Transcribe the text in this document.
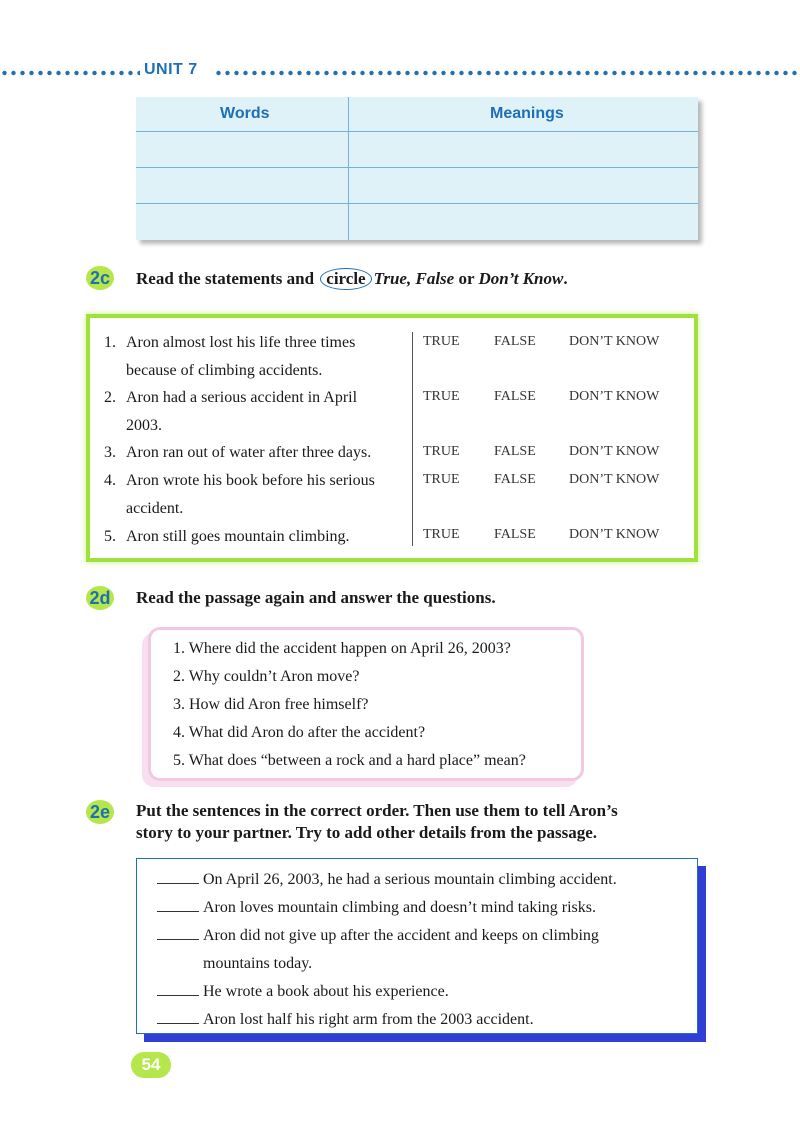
UNIT 7
Words	Meanings
2c Read the statements and circle True, False or Don’t Know.
1. Aron almost lost his life three times
because of climbing accidents.
TRUE FALSE DON’T KNOW
2. Aron had a serious accident in April
2003.
TRUE FALSE DON’T KNOW
3. Aron ran out of water after three days.	TRUE FALSE DON’T KNOW
4. Aron wrote his book before his serious
accident.
TRUE FALSE DON’T KNOW
5. Aron still goes mountain climbing.	TRUE FALSE DON’T KNOW
2d Read the passage again and answer the questions.
1. Where did the accident happen on April 26, 2003?
2. Why couldn’t Aron move?
3. How did Aron free himself?
4. What did Aron do after the accident?
5. What does “between a rock and a hard place” mean?
2e Put the sentences in the correct order. Then use them to tell Aron’s
story to your partner. Try to add other details from the passage.
On April 26, 2003, he had a serious mountain climbing accident.
Aron loves mountain climbing and doesn’t mind taking risks.
Aron did not give up after the accident and keeps on climbing
mountains today.
He wrote a book about his experience.
Aron lost half his right arm from the 2003 accident.
54
